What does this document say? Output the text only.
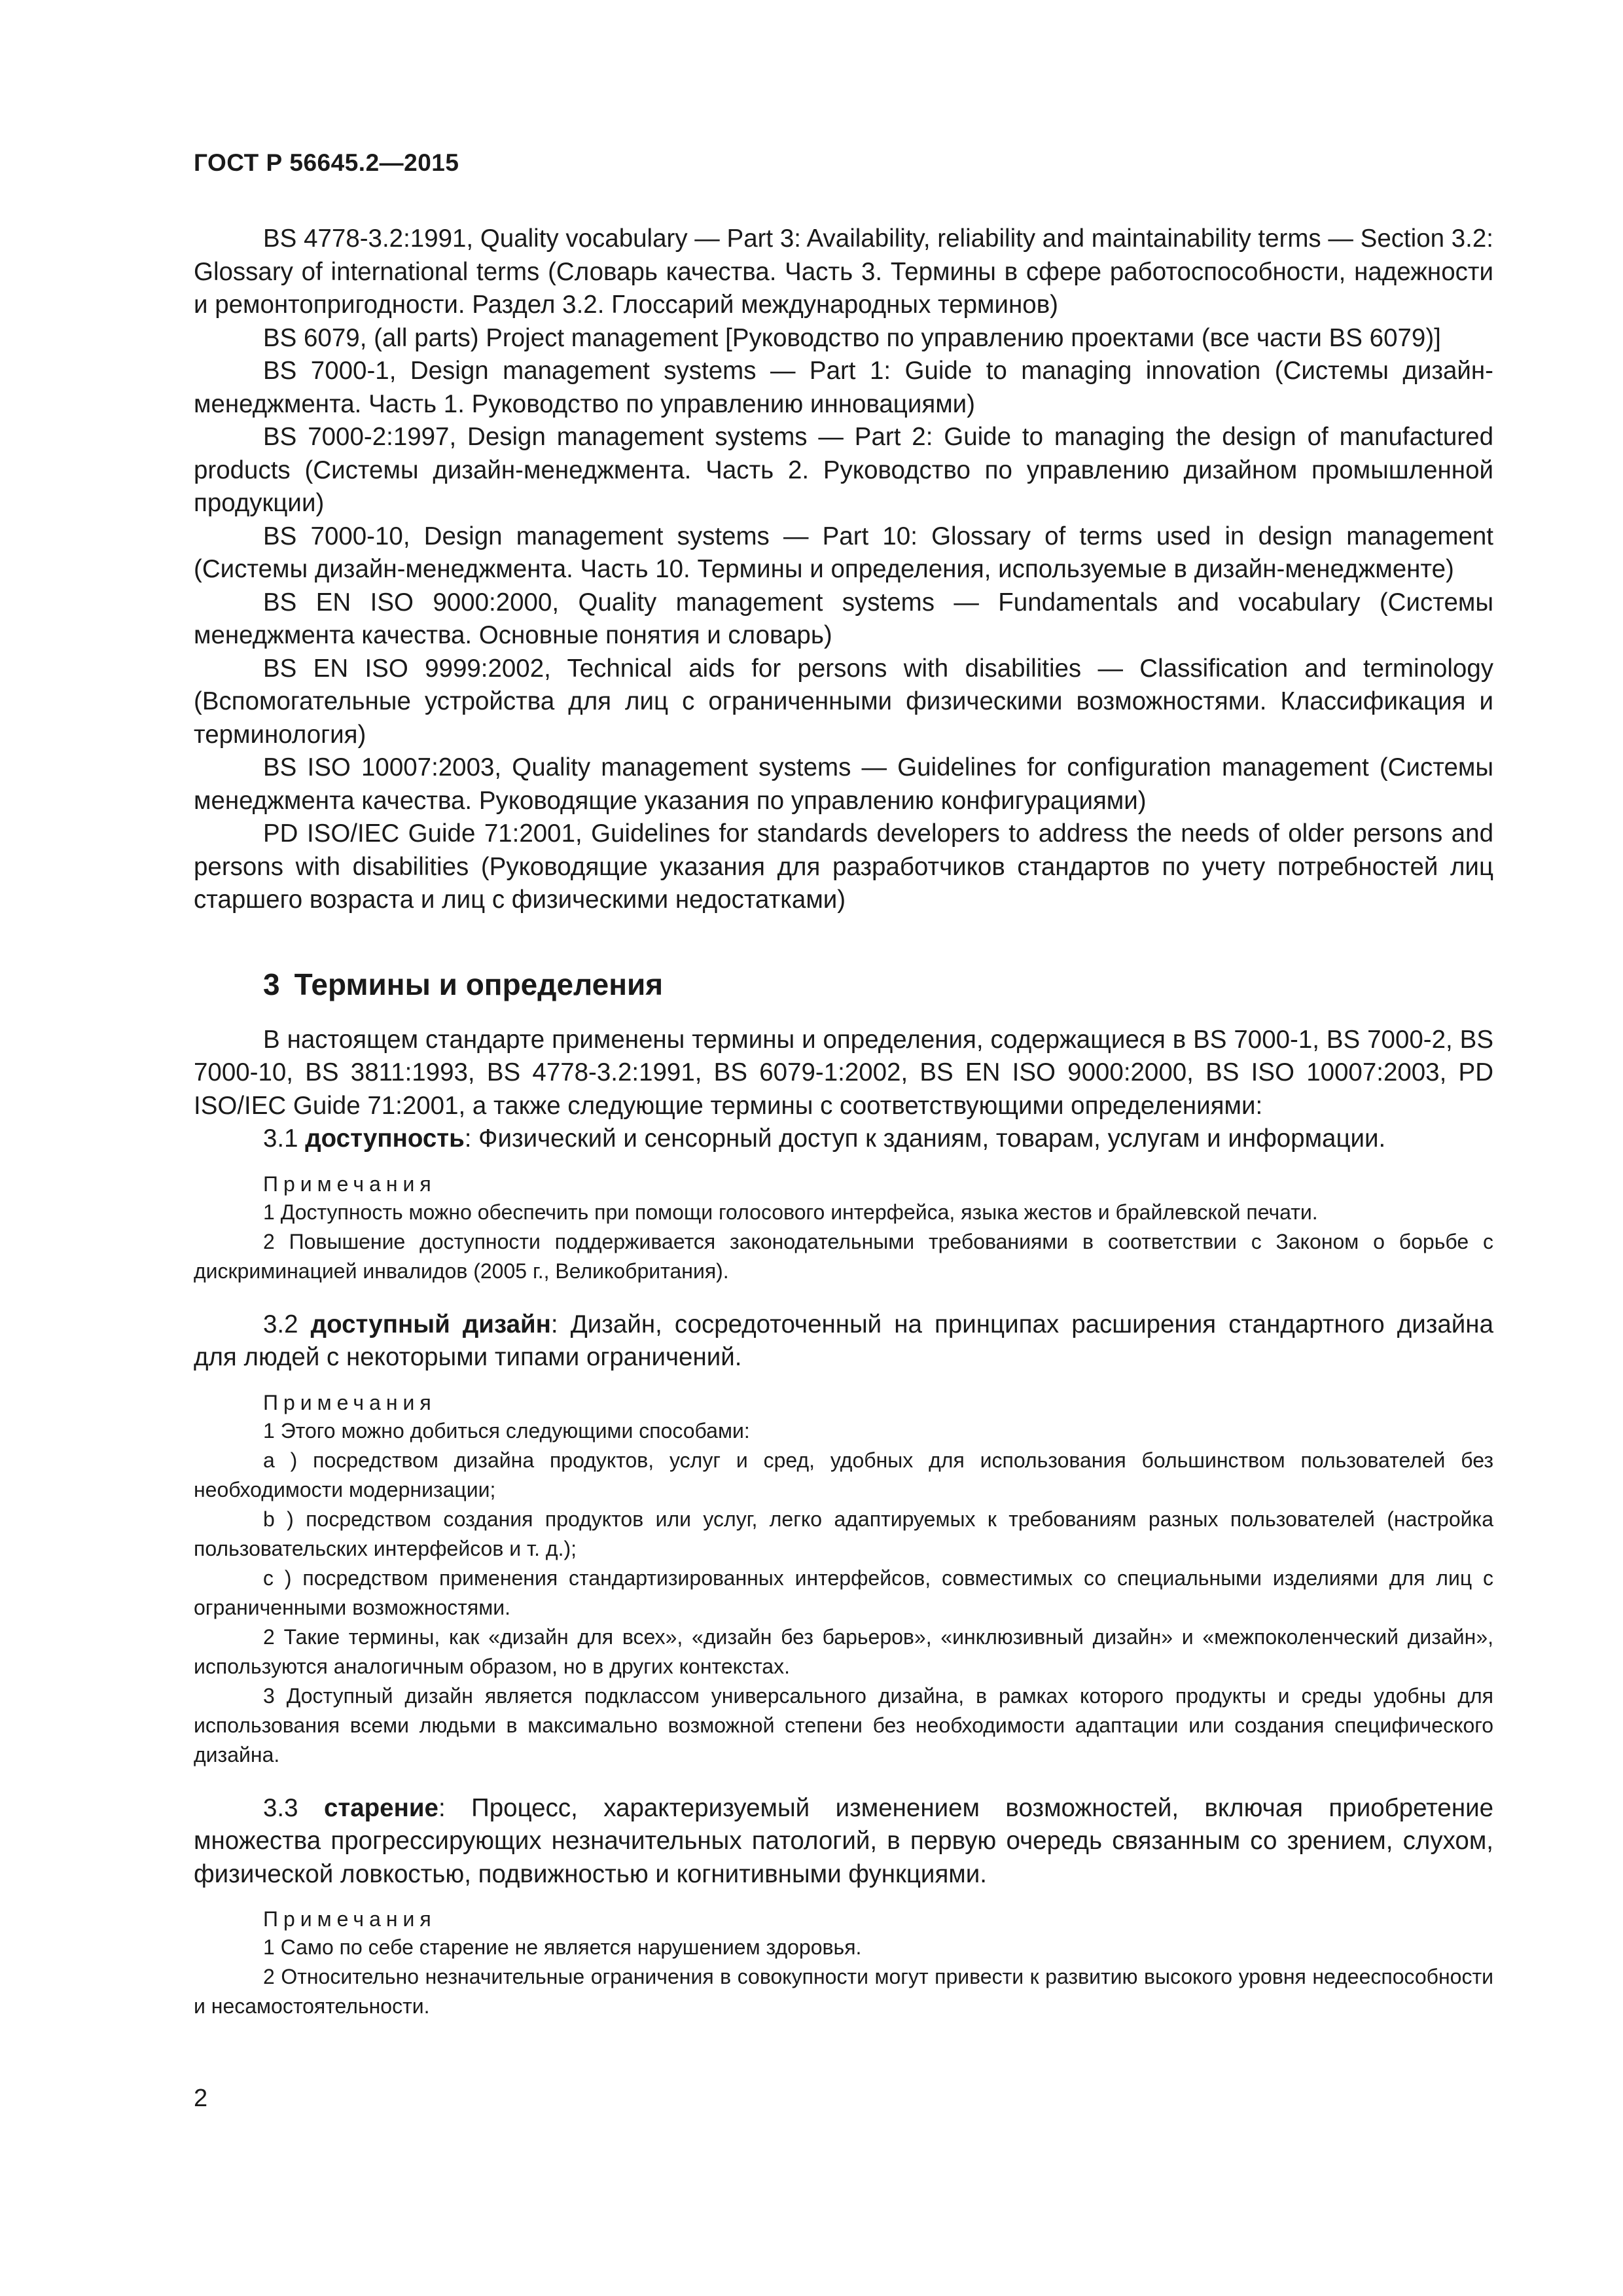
ГОСТ Р 56645.2—2015

BS 4778-3.2:1991, Quality vocabulary — Part 3: Availability, reliability and maintainability terms — Section 3.2: Glossary of international terms (Словарь качества. Часть 3. Термины в сфере работоспособности, надежности и ремонтопригодности. Раздел 3.2. Глоссарий международных терминов)

BS 6079, (all parts) Project management [Руководство по управлению проектами (все части BS 6079)]

BS 7000-1, Design management systems — Part 1: Guide to managing innovation (Системы дизайн-менеджмента. Часть 1. Руководство по управлению инновациями)

BS 7000-2:1997, Design management systems — Part 2: Guide to managing the design of manufactured products (Системы дизайн-менеджмента. Часть 2. Руководство по управлению дизайном промышленной продукции)

BS 7000-10, Design management systems — Part 10: Glossary of terms used in design management (Системы дизайн-менеджмента. Часть 10. Термины и определения, используемые в дизайн-менеджменте)

BS EN ISO 9000:2000, Quality management systems — Fundamentals and vocabulary (Системы менеджмента качества. Основные понятия и словарь)

BS EN ISO 9999:2002, Technical aids for persons with disabilities — Classification and terminology (Вспомогательные устройства для лиц с ограниченными физическими возможностями. Классификация и терминология)

BS ISO 10007:2003, Quality management systems — Guidelines for configuration management (Системы менеджмента качества. Руководящие указания по управлению конфигурациями)

PD ISO/IEC Guide 71:2001, Guidelines for standards developers to address the needs of older persons and persons with disabilities (Руководящие указания для разработчиков стандартов по учету потребностей лиц старшего возраста и лиц с физическими недостатками)

3 Термины и определения

В настоящем стандарте применены термины и определения, содержащиеся в BS 7000-1, BS 7000-2, BS 7000-10, BS 3811:1993, BS 4778-3.2:1991, BS 6079-1:2002, BS EN ISO 9000:2000, BS ISO 10007:2003, PD ISO/IEC Guide 71:2001, а также следующие термины с соответствующими определениями:

3.1 доступность: Физический и сенсорный доступ к зданиям, товарам, услугам и информации.

Примечания

1 Доступность можно обеспечить при помощи голосового интерфейса, языка жестов и брайлевской печати.

2 Повышение доступности поддерживается законодательными требованиями в соответствии с Законом о борьбе с дискриминацией инвалидов (2005 г., Великобритания).

3.2 доступный дизайн: Дизайн, сосредоточенный на принципах расширения стандартного дизайна для людей с некоторыми типами ограничений.

Примечания

1 Этого можно добиться следующими способами:

а ) посредством дизайна продуктов, услуг и сред, удобных для использования большинством пользователей без необходимости модернизации;

b ) посредством создания продуктов или услуг, легко адаптируемых к требованиям разных пользователей (настройка пользовательских интерфейсов и т. д.);

с ) посредством применения стандартизированных интерфейсов, совместимых со специальными изделиями для лиц с ограниченными возможностями.

2 Такие термины, как «дизайн для всех», «дизайн без барьеров», «инклюзивный дизайн» и «межпоколенческий дизайн», используются аналогичным образом, но в других контекстах.

3 Доступный дизайн является подклассом универсального дизайна, в рамках которого продукты и среды удобны для использования всеми людьми в максимально возможной степени без необходимости адаптации или создания специфического дизайна.

3.3 старение: Процесс, характеризуемый изменением возможностей, включая приобретение множества прогрессирующих незначительных патологий, в первую очередь связанным со зрением, слухом, физической ловкостью, подвижностью и когнитивными функциями.

Примечания

1 Само по себе старение не является нарушением здоровья.

2 Относительно незначительные ограничения в совокупности могут привести к развитию высокого уровня недееспособности и несамостоятельности.

2
